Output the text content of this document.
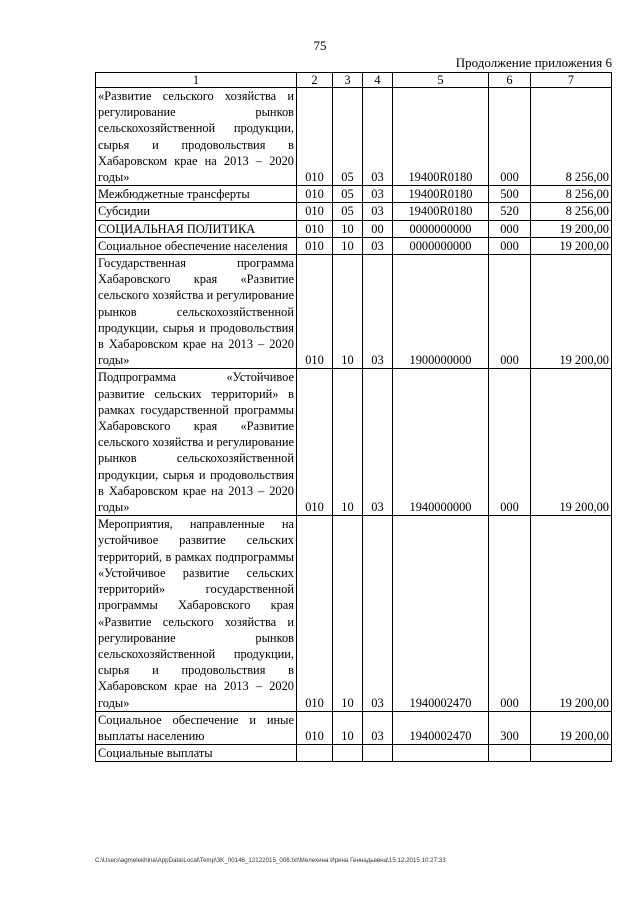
75
Продолжение приложения 6
1	2	3	4	5	6	7
«Развитие сельского хозяйства и регулирование рынков сельскохозяйственной продукции, сырья и продовольствия в Хабаровском крае на 2013 – 2020 годы»	010	05	03	19400R0180	000	8 256,00
Межбюджетные трансферты	010	05	03	19400R0180	500	8 256,00
Субсидии	010	05	03	19400R0180	520	8 256,00
СОЦИАЛЬНАЯ ПОЛИТИКА	010	10	00	0000000000	000	19 200,00
Социальное обеспечение населения	010	10	03	0000000000	000	19 200,00
Государственная программа Хабаровского края «Развитие сельского хозяйства и регулирование рынков сельскохозяйственной продукции, сырья и продовольствия в Хабаровском крае на 2013 – 2020 годы»	010	10	03	1900000000	000	19 200,00
Подпрограмма «Устойчивое развитие сельских территорий» в рамках государственной программы Хабаровского края «Развитие сельского хозяйства и регулирование рынков сельскохозяйственной продукции, сырья и продовольствия в Хабаровском крае на 2013 – 2020 годы»	010	10	03	1940000000	000	19 200,00
Мероприятия, направленные на устойчивое развитие сельских территорий, в рамках подпрограммы «Устойчивое развитие сельских территорий» государственной программы Хабаровского края «Развитие сельского хозяйства и регулирование рынков сельскохозяйственной продукции, сырья и продовольствия в Хабаровском крае на 2013 – 2020 годы»	010	10	03	1940002470	000	19 200,00
Социальное обеспечение и иные выплаты населению	010	10	03	1940002470	300	19 200,00
Социальные выплаты						
C:\Users\agmelekhina\AppData\Local\Temp\3K_00146_12122015_006.txt\Мелехина Ирина Геннадьевна\15.12.2015 10:27:33
